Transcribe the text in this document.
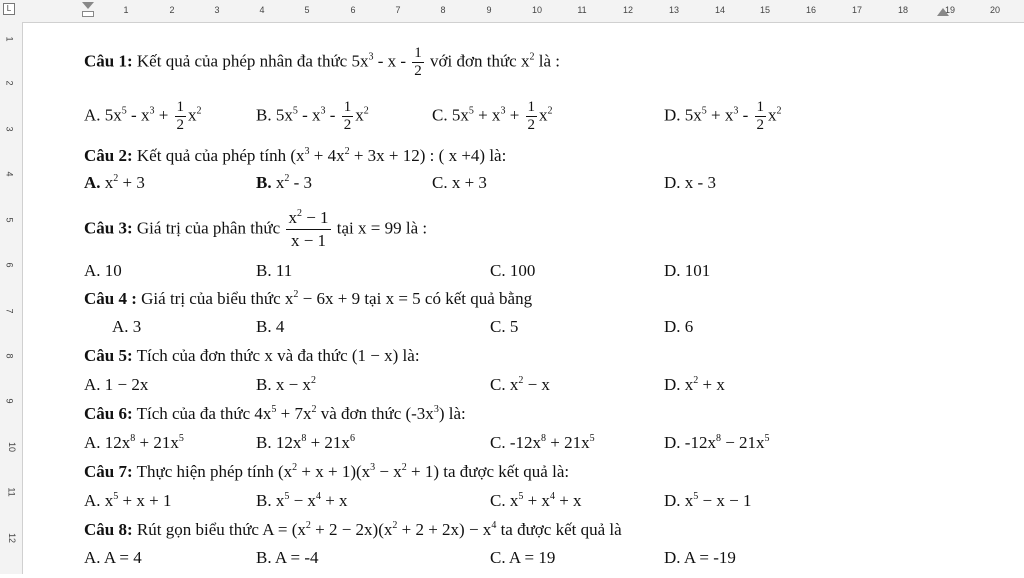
L	1	2	3	4	5	6	7	8	9	10	11	12	13	14	15	16	17	18	19	20
1
2
3
4
5
6
7
8
9
10
11
12
Câu 1: Kết quả của phép nhân đa thức $5x^3$ - x - $\frac{1}{2}$ với đơn thức $x^2$ là :
A. $5x^5 - x^3 + \frac{1}{2} x^2$	B. $5x^5 - x^3 - \frac{1}{2} x^2$	C. $5x^5 + x^3 + \frac{1}{2} x^2$	D. $5x^5 + x^3 - \frac{1}{2} x^2$
Câu 2: Kết quả của phép tính $(x^3 + 4x^2 + 3x + 12)$ : ( x +4) là:
A. $x^2 + 3$	B. $x^2 - 3$	C. x + 3	D. x - 3
Câu 3: Giá trị của phân thức $\frac{x^2 - 1}{x - 1}$ tại x = 99 là :
A. 10	B. 11	C. 100	D. 101
Câu 4 : Giá trị của biểu thức $x^2 - 6x + 9$ tại x = 5 có kết quả bằng
A. 3	B. 4	C. 5	D. 6
Câu 5: Tích của đơn thức x và đa thức (1 − x) là:
A. 1 − 2x	B. $x - x^2$	C. $x^2 - x$	D. $x^2 + x$
Câu 6: Tích của đa thức $4x^5 + 7x^2$ và đơn thức $(-3x^3)$ là:
A. $12x^8 + 21x^5$	B. $12x^8 + 21x^6$	C. $-12x^8 + 21x^5$	D. $-12x^8 - 21x^5$
Câu 7: Thực hiện phép tính $(x^2 + x + 1)(x^3 - x^2 + 1)$ ta được kết quả là:
A. $x^5 + x + 1$	B. $x^5 - x^4 + x$	C. $x^5 + x^4 + x$	D. $x^5 - x - 1$
Câu 8: Rút gọn biểu thức $A = (x^2 + 2 - 2x)(x^2 + 2 + 2x) - x^4$ ta được kết quả là
A. A = 4	B. A = -4	C. A = 19	D. A = -19
